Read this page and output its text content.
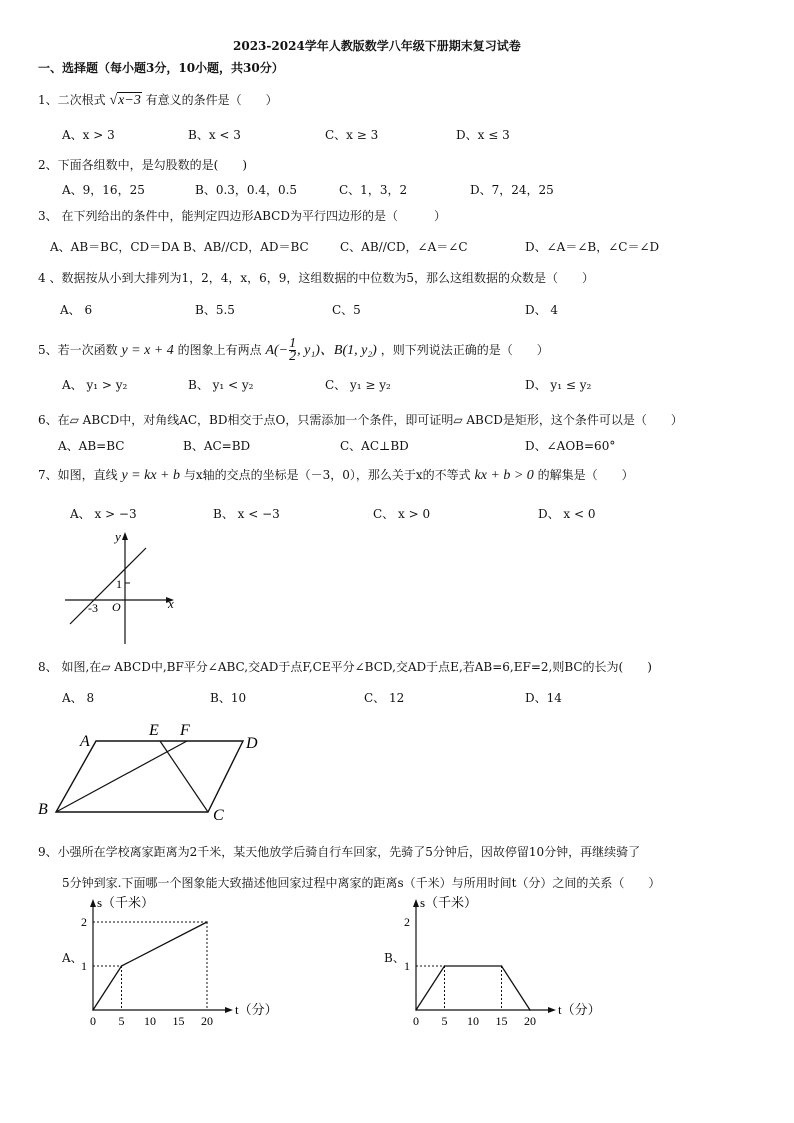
2023-2024学年人教版数学八年级下册期末复习试卷
一、选择题（每小题3分，10小题，共30分）
1、二次根式 √x−3 有意义的条件是（　　）
A、x > 3	B、x < 3	C、x ≥ 3	D、x ≤ 3
2、下面各组数中，是勾股数的是(　　)
A、9，16，25	B、0.3，0.4，0.5	C、1，3，2	D、7，24，25
3、 在下列给出的条件中，能判定四边形ABCD为平行四边形的是（　　　）
A、AB＝BC，CD＝DA B、AB//CD，AD＝BC	C、AB//CD，∠A＝∠C	D、∠A＝∠B，∠C＝∠D
4 、数据按从小到大排列为1，2，4，x，6，9，这组数据的中位数为5，那么这组数据的众数是（　　）
A、 6	B、5.5	C、5	D、 4
5、若一次函数 y = x + 4 的图象上有两点 $A(- \frac{1}{2}$ , y₁)、B(1, y₂) ，则下列说法正确的是（　　）
A、 y₁ > y₂	B、 y₁ < y₂	C、 y₁ ≥ y₂	D、 y₁ ≤ y₂
6、在▱ ABCD中，对角线AC，BD相交于点O，只需添加一个条件，即可证明▱ ABCD是矩形，这个条件可以是（　　）
A、AB=BC	B、AC=BD	C、AC⊥BD	D、∠AOB=60°
7、如图，直线 y = kx + b 与x轴的交点的坐标是（－3，0），那么关于x的不等式 kx + b > 0 的解集是（　　）
A、 x > −3	B、 x < −3	C、 x > 0	D、 x < 0
y
x
1
O
-3
8、 如图,在▱ ABCD中,BF平分∠ABC,交AD于点F,CE平分∠BCD,交AD于点E,若AB=6,EF=2,则BC的长为(　　)
A、 8	B、10	C、 12	D、14
A
B	C
D
E F
9、小强所在学校离家距离为2千米，某天他放学后骑自行车回家，先骑了5分钟后，因故停留10分钟，再继续骑了
5分钟到家.下面哪一个图象能大致描述他回家过程中离家的距离s（千米）与所用时间t（分）之间的关系（　　）
A、	B、
s（千米）
t（分）
1
2
0 5 10 15 20
s（千米）
t（分）
1
2
0 5 10 15 20
